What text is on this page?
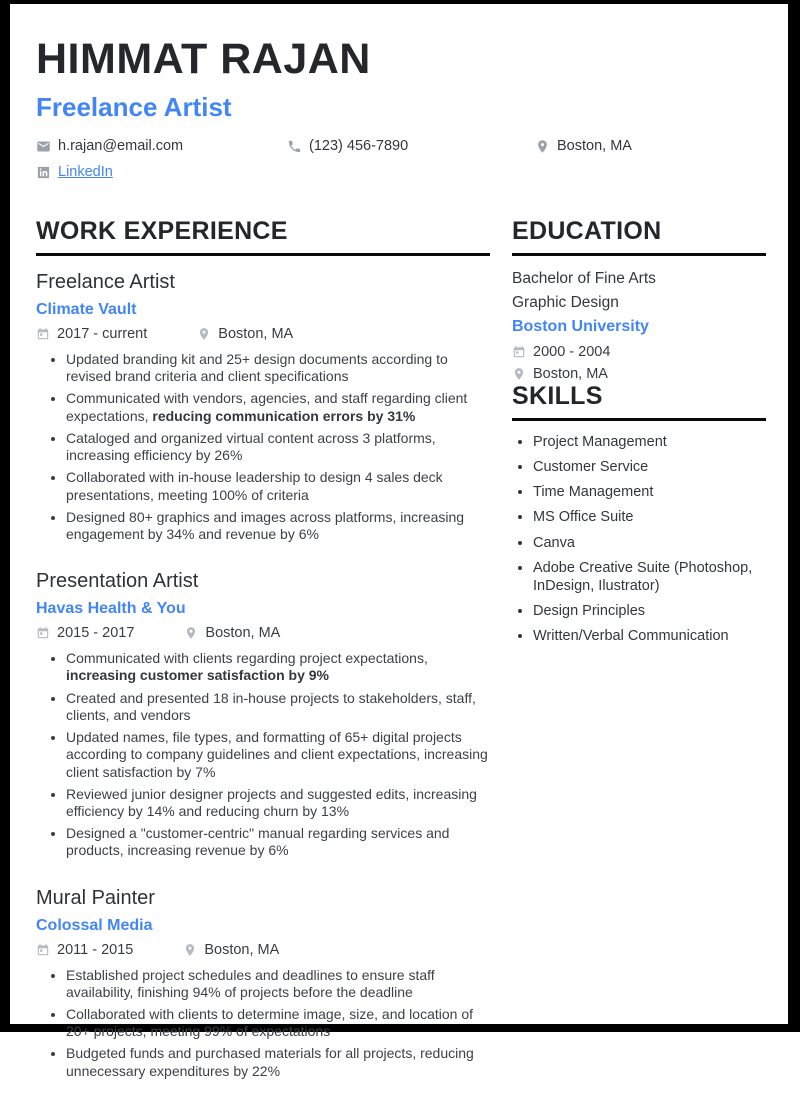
HIMMAT RAJAN
Freelance Artist
h.rajan@email.com	(123) 456-7890	Boston, MA
LinkedIn
WORK EXPERIENCE
Freelance Artist
Climate Vault
2017 - current	Boston, MA
• Updated branding kit and 25+ design documents according to revised brand criteria and client specifications
• Communicated with vendors, agencies, and staff regarding client expectations, reducing communication errors by 31%
• Cataloged and organized virtual content across 3 platforms, increasing efficiency by 26%
• Collaborated with in-house leadership to design 4 sales deck presentations, meeting 100% of criteria
• Designed 80+ graphics and images across platforms, increasing engagement by 34% and revenue by 6%
Presentation Artist
Havas Health & You
2015 - 2017	Boston, MA
• Communicated with clients regarding project expectations, increasing customer satisfaction by 9%
• Created and presented 18 in-house projects to stakeholders, staff, clients, and vendors
• Updated names, file types, and formatting of 65+ digital projects according to company guidelines and client expectations, increasing client satisfaction by 7%
• Reviewed junior designer projects and suggested edits, increasing efficiency by 14% and reducing churn by 13%
• Designed a "customer-centric" manual regarding services and products, increasing revenue by 6%
Mural Painter
Colossal Media
2011 - 2015	Boston, MA
• Established project schedules and deadlines to ensure staff availability, finishing 94% of projects before the deadline
• Collaborated with clients to determine image, size, and location of 20+ projects, meeting 99% of expectations
• Budgeted funds and purchased materials for all projects, reducing unnecessary expenditures by 22%
EDUCATION
Bachelor of Fine Arts
Graphic Design
Boston University
2000 - 2004
Boston, MA
SKILLS
• Project Management
• Customer Service
• Time Management
• MS Office Suite
• Canva
• Adobe Creative Suite (Photoshop, InDesign, Ilustrator)
• Design Principles
• Written/Verbal Communication
